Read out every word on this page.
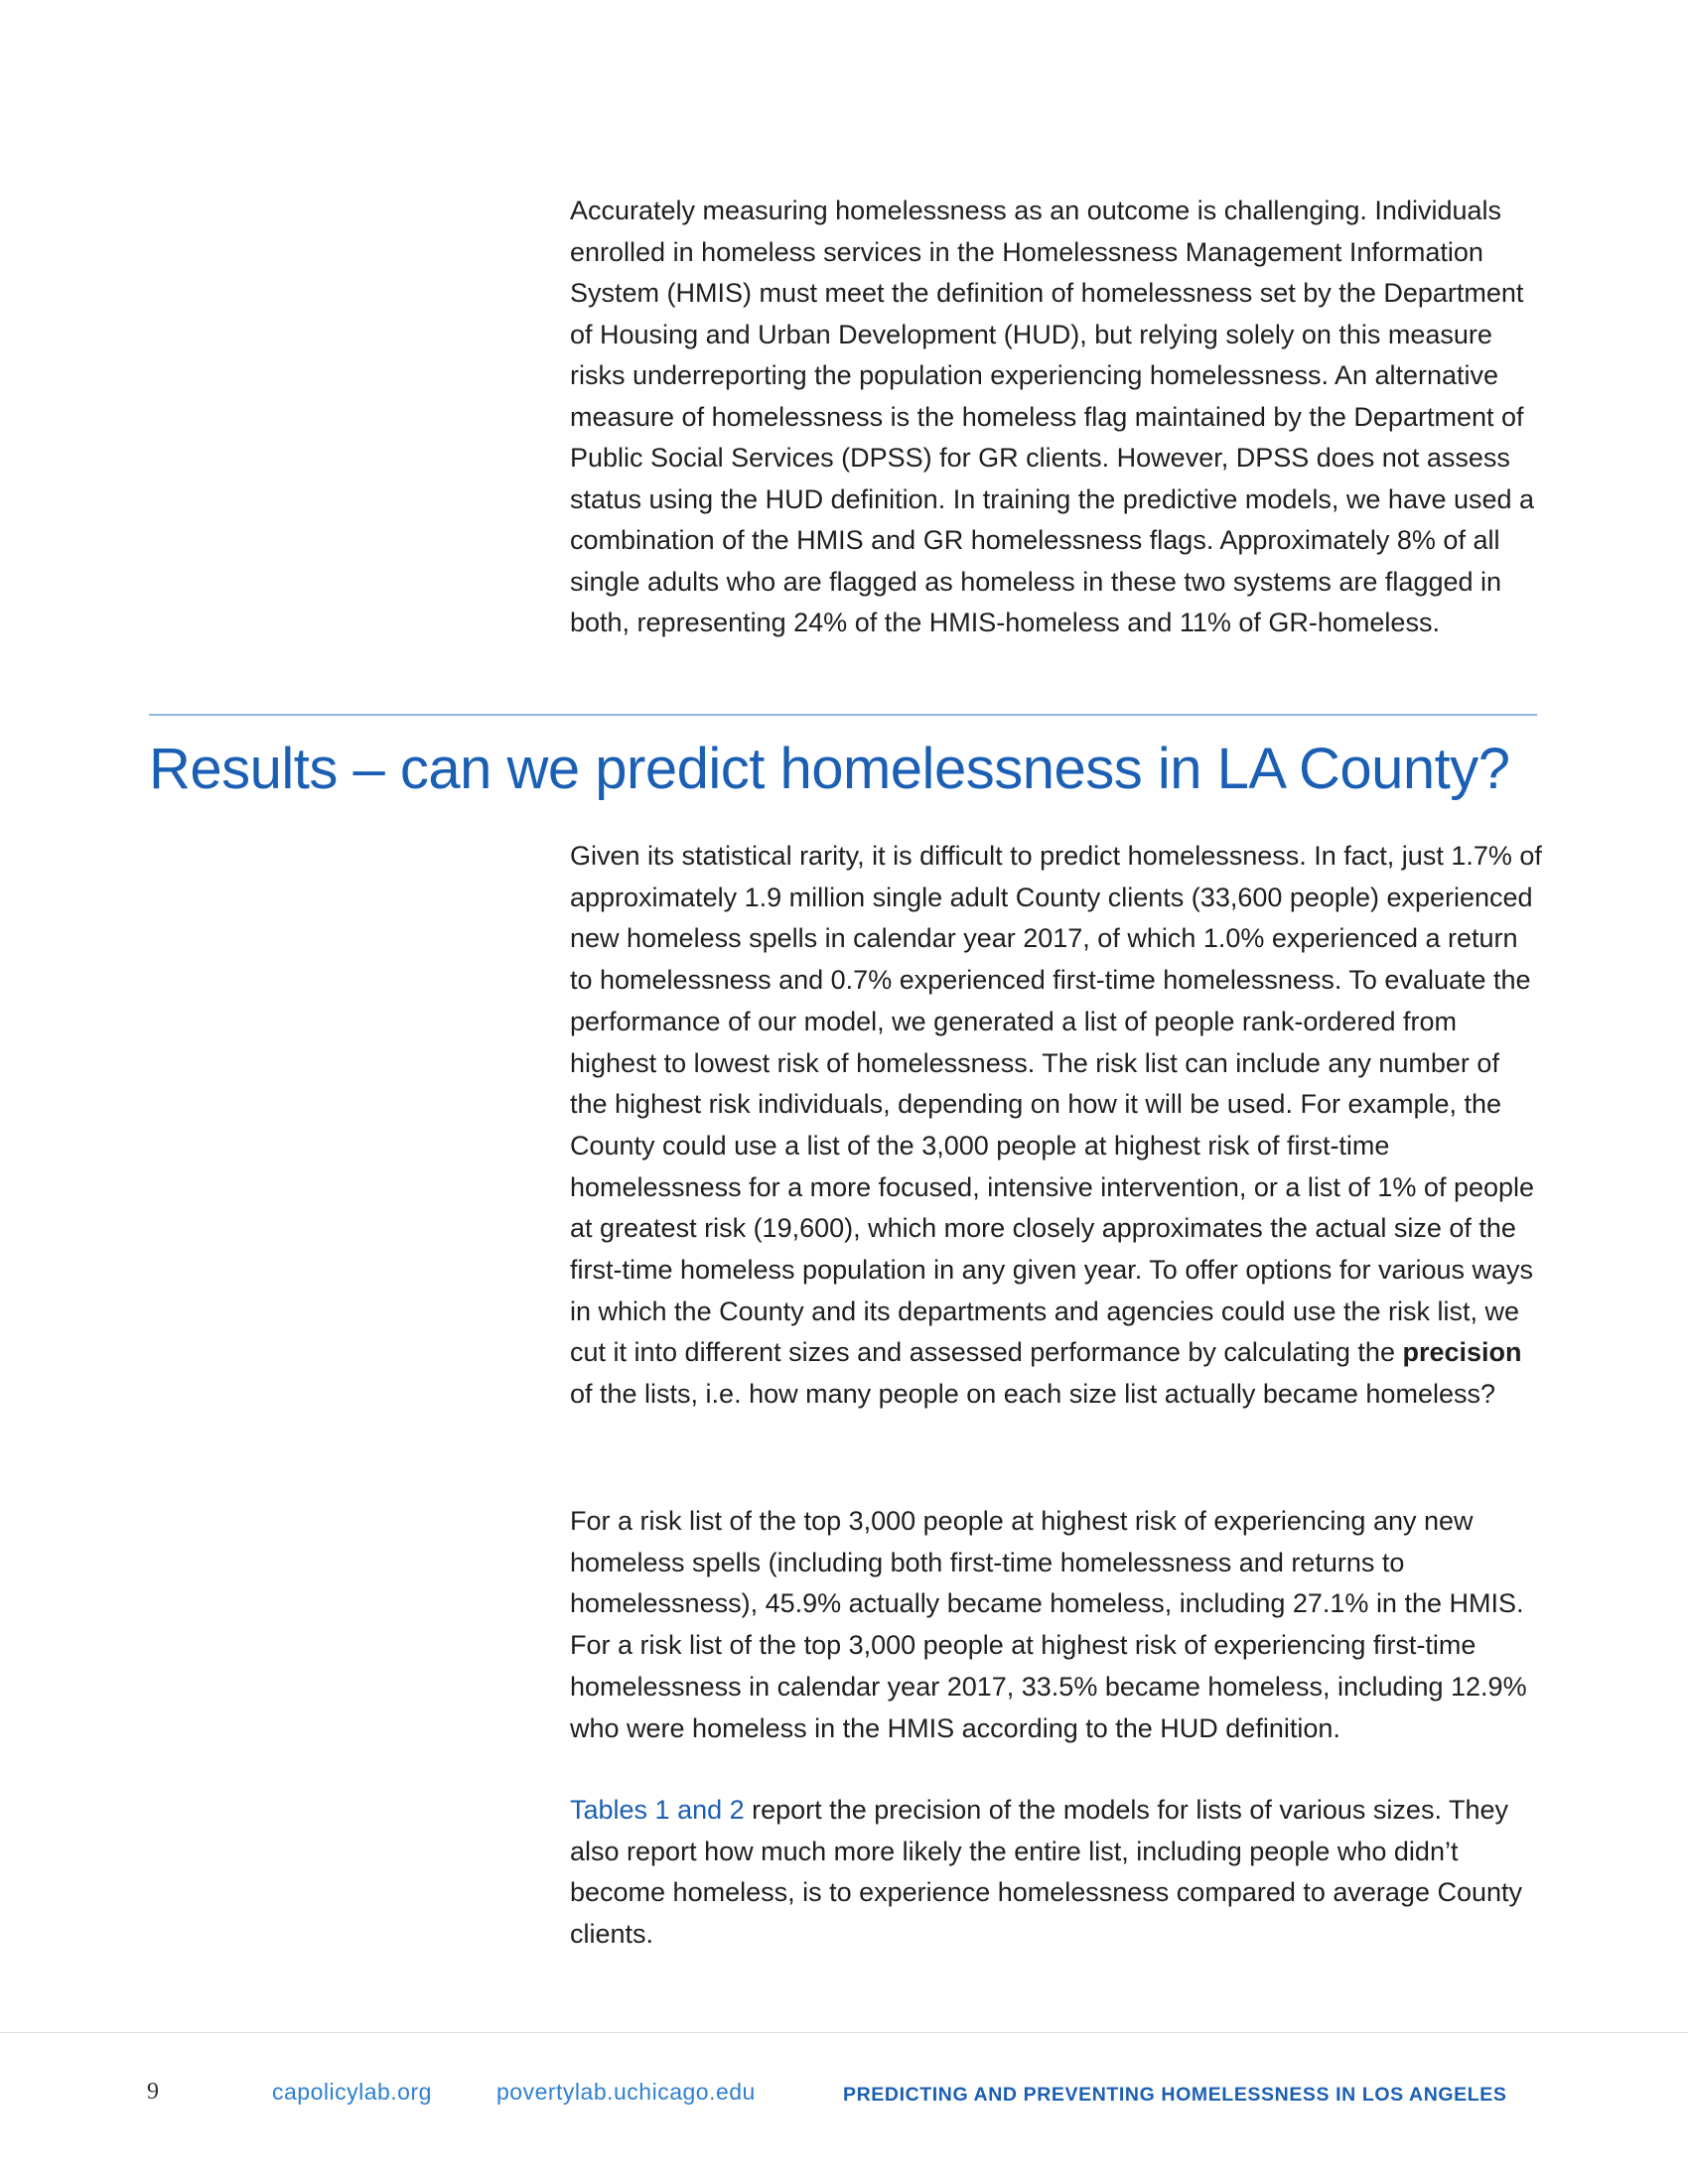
Accurately measuring homelessness as an outcome is challenging. Individuals enrolled in homeless services in the Homelessness Management Information System (HMIS) must meet the definition of homelessness set by the Department of Housing and Urban Development (HUD), but relying solely on this measure risks underreporting the population experiencing homelessness. An alternative measure of homelessness is the homeless flag maintained by the Department of Public Social Services (DPSS) for GR clients. However, DPSS does not assess status using the HUD definition. In training the predictive models, we have used a combination of the HMIS and GR homelessness flags. Approximately 8% of all single adults who are flagged as homeless in these two systems are flagged in both, representing 24% of the HMIS-homeless and 11% of GR-homeless.

Results – can we predict homelessness in LA County?

Given its statistical rarity, it is difficult to predict homelessness. In fact, just 1.7% of approximately 1.9 million single adult County clients (33,600 people) experienced new homeless spells in calendar year 2017, of which 1.0% experienced a return to homelessness and 0.7% experienced first-time homelessness. To evaluate the performance of our model, we generated a list of people rank-ordered from highest to lowest risk of homelessness. The risk list can include any number of the highest risk individuals, depending on how it will be used. For example, the County could use a list of the 3,000 people at highest risk of first-time homelessness for a more focused, intensive intervention, or a list of 1% of people at greatest risk (19,600), which more closely approximates the actual size of the first-time homeless population in any given year. To offer options for various ways in which the County and its departments and agencies could use the risk list, we cut it into different sizes and assessed performance by calculating the precision of the lists, i.e. how many people on each size list actually became homeless?

For a risk list of the top 3,000 people at highest risk of experiencing any new homeless spells (including both first-time homelessness and returns to homelessness), 45.9% actually became homeless, including 27.1% in the HMIS. For a risk list of the top 3,000 people at highest risk of experiencing first-time homelessness in calendar year 2017, 33.5% became homeless, including 12.9% who were homeless in the HMIS according to the HUD definition.

Tables 1 and 2 report the precision of the models for lists of various sizes. They also report how much more likely the entire list, including people who didn’t become homeless, is to experience homelessness compared to average County clients.

9	capolicylab.org	povertylab.uchicago.edu	PREDICTING AND PREVENTING HOMELESSNESS IN LOS ANGELES
